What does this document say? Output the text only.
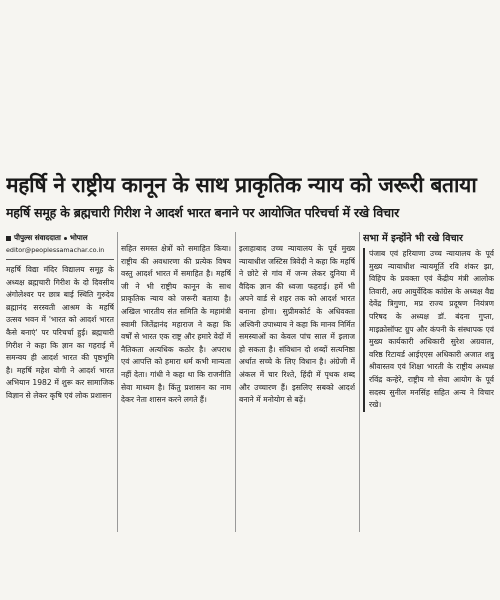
महर्षि ने राष्ट्रीय कानून के साथ प्राकृतिक न्याय को जरूरी बताया
महर्षि समूह के ब्रह्मचारी गिरीश ने आदर्श भारत बनाने पर आयोजित परिचर्चा में रखे विचार
पीपुल्स संवाददाता भोपाल
editor@peoplessamachar.co.in
महर्षि विद्या मंदिर विद्यालय समूह के अध्यक्ष ब्रह्मचारी गिरीश के दो दिवसीय अंगोलेश्वर पर छात्र बाई स्थिति गुरुदेव ब्रह्मानंद सरस्वती आश्रम के महर्षि उत्सव भवन में 'भारत को आदर्श भारत कैसे बनाएं' पर परिचर्चा हुई। ब्रह्मचारी गिरीश ने कहा कि ज्ञान का गहराई में समन्वय ही आदर्श भारत की पृष्ठभूमि है। महर्षि महेश योगी ने आदर्श भारत अभियान 1982 में शुरू कर सामाजिक विज्ञान से लेकर कृषि एवं लोक प्रशासन
सहित समस्त क्षेत्रों को समाहित किया। राष्ट्रीय की अवधारणा की प्रत्येक विषय वस्तु आदर्श भारत में समाहित है। महर्षि जी ने भी राष्ट्रीय कानून के साथ प्राकृतिक न्याय को जरूरी बताया है। अखिल भारतीय संत समिति के महामंत्री स्वामी जितेंद्रानंद महाराज ने कहा कि वर्षों से भारत एक राष्ट्र और हमारे वेदों में नैतिकता अत्यधिक कठोर है। अपराध एवं आपत्ति को हमारा धर्म कभी मान्यता नहीं देता। गांधी ने कहा था कि राजनीति सेवा माध्यम है। किंतु प्रशासन का नाम देकर नेता शासन करने लगते हैं।
इलाहाबाद उच्च न्यायालय के पूर्व मुख्य न्यायाधीश जस्टिस त्रिवेदी ने कहा कि महर्षि ने छोटे से गांव में जन्म लेकर दुनिया में वैदिक ज्ञान की ध्वजा फहराई। हमें भी अपने वार्ड से शहर तक को आदर्श भारत बनाना होगा। सुप्रीमकोर्ट के अधिवक्ता अश्विनी उपाध्याय ने कहा कि मानव निर्मित समस्याओं का केवल पांच साल में इलाज हो सकता है। संविधान दो शब्दों सत्यनिष्ठा अर्थात सच्चे के लिए विधान है। अंग्रेजी में अंकल में चार रिश्ते, हिंदी में पृथक शब्द और उच्चारण हैं। इसलिए सबको आदर्श बनाने में मनोयोग से बढ़ें।
सभा में इन्होंने भी रखे विचार
पंजाब एवं हरियाणा उच्च न्यायालय के पूर्व मुख्य न्यायाधीश न्यायमूर्ति रवि शंकर झा, विहिप के प्रवक्ता एवं केंद्रीय मंत्री आलोक तिवारी, अग्र आयुर्वेदिक कांग्रेस के अध्यक्ष वैद्य देवेंद्र त्रिगुणा, मप्र राज्य प्रदूषण नियंत्रण परिषद के अध्यक्ष डॉ. बंदना गुप्ता, माइक्रोसॉफ्ट ग्रुप और कंपनी के संस्थापक एवं मुख्य कार्यकारी अधिकारी सुरेश अग्रवाल, वरिष्ठ रिटायर्ड आईएएस अधिकारी अजात शत्रु श्रीवास्तव एवं शिक्षा भारती के राष्ट्रीय अध्यक्ष रविंद्र कन्हेरे, राष्ट्रीय गो सेवा आयोग के पूर्व सदस्य सुनील मनसिंह सहित अन्य ने विचार रखे।
